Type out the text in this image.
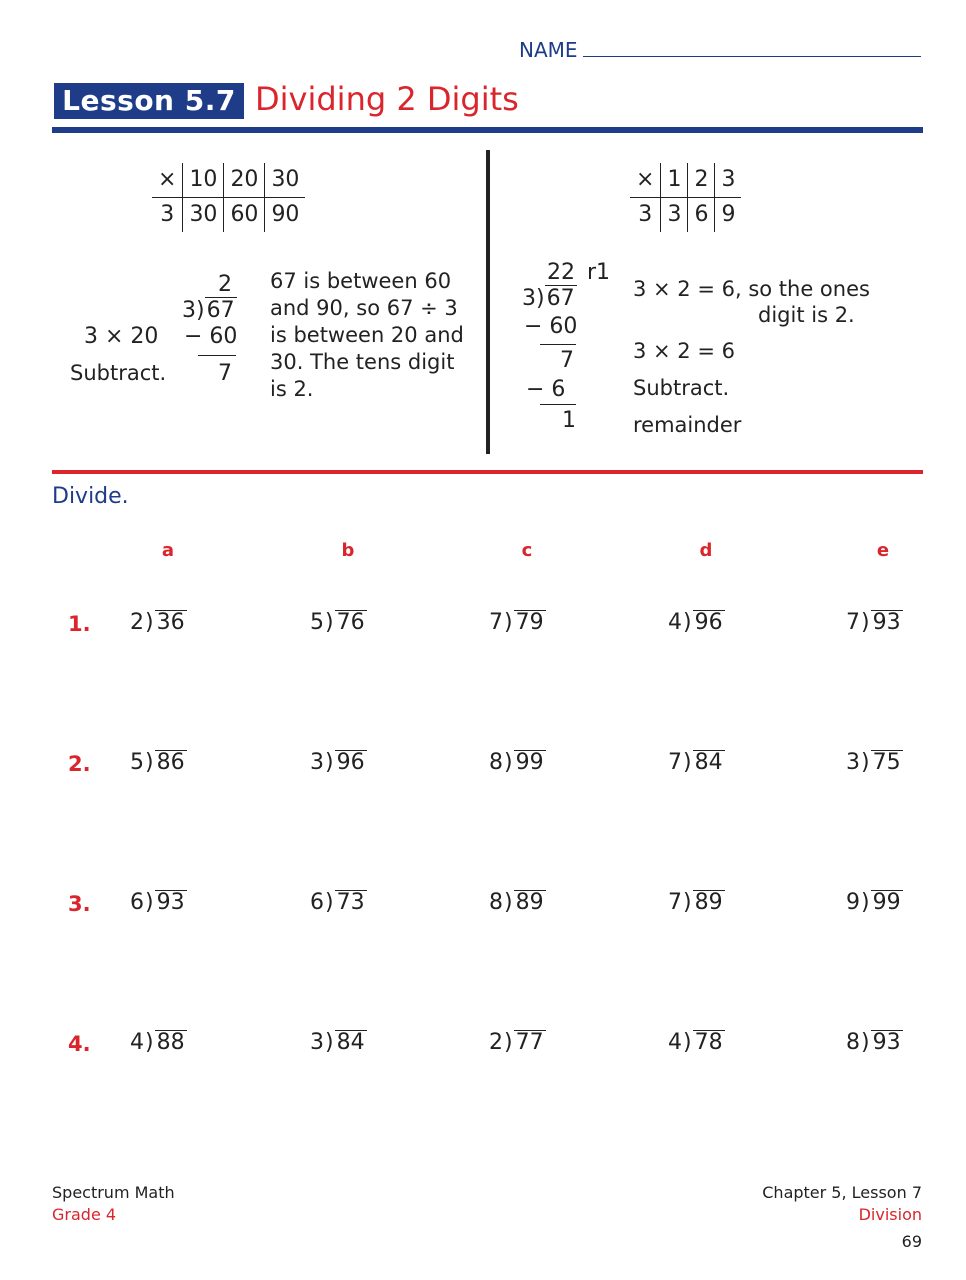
NAME
Lesson 5.7 Dividing 2 Digits
×	10	20	30
3	30	60	90
2
3)67
3 × 20 − 60
Subtract. 7
67 is between 60
and 90, so 67 ÷ 3
is between 20 and
30. The tens digit
is 2.
×	1	2	3
3	3	6	9
22 r1
3)67
− 60
7
− 6
1
3 × 2 = 6, so the ones
digit is 2.
3 × 2 = 6
Subtract.
remainder
Divide.
a	b	c	d	e
1. 2) 36	5) 76	7) 79	4) 96	7) 93
2. 5) 86	3) 96	8) 99	7) 84	3) 75
3. 6) 93	6) 73	8) 89	7) 89	9) 99
4. 4) 88	3) 84	2) 77	4) 78	8) 93
Spectrum Math
Grade 4
Chapter 5, Lesson 7
Division
69
